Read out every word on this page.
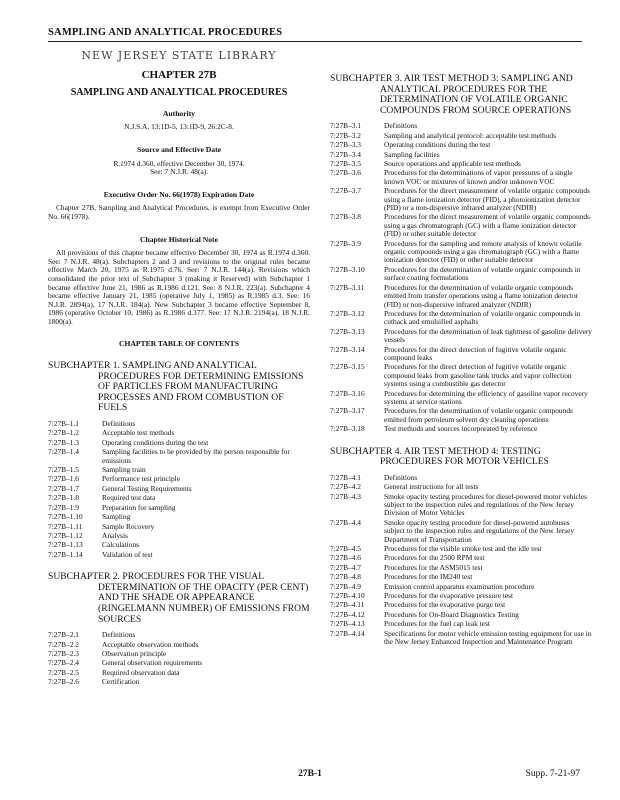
SAMPLING AND ANALYTICAL PROCEDURES
NEW JERSEY STATE LIBRARY
CHAPTER 27B
SAMPLING AND ANALYTICAL PROCEDURES
Authority
N.J.S.A. 13:1D-5, 13:1D-9, 26:2C-8.
Source and Effective Date
R.1974 d.360, effective December 30, 1974.
See: 7 N.J.R. 48(a).
Executive Order No. 66(1978) Expiration Date
Chapter 27B, Sampling and Analytical Procedures, is exempt from Executive Order No. 66(1978).
Chapter Historical Note
All provisions of this chapter became effective December 30, 1974 as R.1974 d.360. See: 7 N.J.R. 48(a). Subchapters 2 and 3 and revisions to the original rules became effective March 20, 1975 as R.1975 d.76. See: 7 N.J.R. 144(a). Revisions which consolidated the prior text of Subchapter 3 (making it Reserved) with Subchapter 1 became effective June 21, 1986 as R.1986 d.121. See: 8 N.J.R. 223(a). Subchapter 4 became effective January 21, 1985 (operative July 1, 1985) as R.1985 d.3. See: 16 N.J.R. 2894(a), 17 N.J.R. 184(a). New Subchapter 3 became effective September 8, 1986 (operative October 10, 1986) as R.1986 d.377. See: 17 N.J.R. 2194(a), 18 N.J.R. 1800(a).
CHAPTER TABLE OF CONTENTS
SUBCHAPTER 1. SAMPLING AND ANALYTICAL PROCEDURES FOR DETERMINING EMISSIONS OF PARTICLES FROM MANUFACTURING PROCESSES AND FROM COMBUSTION OF FUELS
7:27B–1.1	Definitions
7:27B–1.2	Acceptable test methods
7:27B–1.3	Operating conditions during the test
7:27B–1.4	Sampling facilities to be provided by the person responsible for emissions
7:27B–1.5	Sampling train
7:27B–1.6	Performance test principle
7:27B–1.7	General Testing Requirements
7:27B–1.8	Required test data
7:27B–1.9	Preparation for sampling
7:27B–1.10	Sampling
7:27B–1.11	Sample Recovery
7:27B–1.12	Analysis
7:27B–1.13	Calculations
7:27B–1.14	Validation of test
SUBCHAPTER 2. PROCEDURES FOR THE VISUAL DETERMINATION OF THE OPACITY (PER CENT) AND THE SHADE OR APPEARANCE (RINGELMANN NUMBER) OF EMISSIONS FROM SOURCES
7:27B–2.1	Definitions
7:27B–2.2	Acceptable observation methods
7:27B–2.3	Observation principle
7:27B–2.4	General observation requirements
7:27B–2.5	Required observation data
7:27B–2.6	Certification
SUBCHAPTER 3. AIR TEST METHOD 3: SAMPLING AND ANALYTICAL PROCEDURES FOR THE DETERMINATION OF VOLATILE ORGANIC COMPOUNDS FROM SOURCE OPERATIONS
7:27B–3.1	Definitions
7:27B–3.2	Sampling and analytical protocol: acceptable test methods
7:27B–3.3	Operating conditions during the test
7:27B–3.4	Sampling facilities
7:27B–3.5	Source operations and applicable test methods
7:27B–3.6	Procedures for the determinations of vapor pressures of a single known VOC or mixtures of known and/or unknown VOC
7:27B–3.7	Procedures for the direct measurement of volatile organic compounds using a flame ionization detector (FID), a photoionization detector (PID) or a non-dispersive infrared analyzer (NDIR)
7:27B–3.8	Procedures for the direct measurement of volatile organic compounds using a gas chromatograph (GC) with a flame ionization detector (FID) or other suitable detector
7:27B–3.9	Procedures for the sampling and remote analysis of known volatile organic compounds using a gas chromatograph (GC) with a flame ionization detector (FID) or other suitable detector
7:27B–3.10	Procedures for the determination of volatile organic compounds in surface coating formulations
7:27B–3.11	Procedures for the determination of volatile organic compounds emitted from transfer operations using a flame ionization detector (FID) or non-dispersive infrared analyzer (NDIR)
7:27B–3.12	Procedures for the determination of volatile organic compounds in cutback and emulsified asphalts
7:27B–3.13	Procedures for the determination of leak tightness of gasoline delivery vessels
7:27B–3.14	Procedures for the direct detection of fugitive volatile organic compound leaks
7:27B–3.15	Procedures for the direct detection of fugitive volatile organic compound leaks from gasoline tank trucks and vapor collection systems using a combustible gas detector
7:27B–3.16	Procedures for determining the efficiency of gasoline vapor recovery systems at service stations
7:27B–3.17	Procedures for the determination of volatile organic compounds emitted from petroleum solvent dry cleaning operations
7:27B–3.18	Test methods and sources incorporated by reference
SUBCHAPTER 4. AIR TEST METHOD 4: TESTING PROCEDURES FOR MOTOR VEHICLES
7:27B–4.1	Definitions
7:27B–4.2	General instructions for all tests
7:27B–4.3	Smoke opacity testing procedures for diesel-powered motor vehicles subject to the inspection rules and regulations of the New Jersey Division of Motor Vehicles
7:27B–4.4	Smoke opacity testing procedure for diesel-powered autobuses subject to the inspection rules and regulations of the New Jersey Department of Transportation
7:27B–4.5	Procedures for the visible smoke test and the idle test
7:27B–4.6	Procedures for the 2500 RPM test
7:27B–4.7	Procedures for the ASM5015 test
7:27B–4.8	Procedures for the IM240 test
7:27B–4.9	Emission control apparatus examination procedure
7:27B–4.10	Procedures for the evaporative pressure test
7:27B–4.11	Procedures for the evaporative purge test
7:27B–4.12	Procedures for On-Board Diagnostics Testing
7:27B–4.13	Procedures for the fuel cap leak test
7:27B–4.14	Specifications for motor vehicle emission testing equipment for use in the New Jersey Enhanced Inspection and Maintenance Program
27B-1	Supp. 7-21-97
